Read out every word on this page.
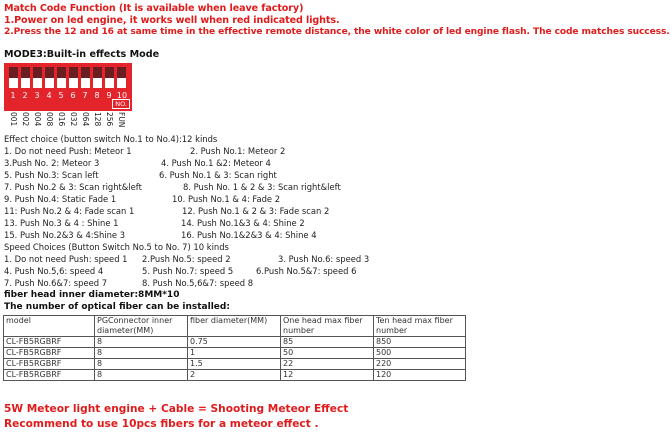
Match Code Function (It is available when leave factory)
1.Power on led engine, it works well when red indicated lights.
2.Press the 12 and 16 at same time in the effective remote distance, the white color of led engine flash. The code matches success.
MODE3:Built-in effects Mode
1 2 3 4 5 6 7 8 9 10
NO.
001 002 004 008 016 032 064 128 256 FUN
Effect choice (button switch No.1 to No.4):12 kinds
1. Do not need Push: Meteor 1	2. Push No.1: Meteor 2
3.Push No. 2: Meteor 3	4. Push No.1 &2: Meteor 4
5. Push No.3: Scan left	6. Push No.1 & 3: Scan right
7. Push No.2 & 3: Scan right&left	8. Push No. 1 & 2 & 3: Scan right&left
9. Push No.4: Static Fade 1	10. Push No.1 & 4: Fade 2
11: Push No.2 & 4: Fade scan 1	12. Push No.1 & 2 & 3: Fade scan 2
13. Push No.3 & 4 : Shine 1	14. Push No.1&3 & 4: Shine 2
15. Push No.2&3 & 4:Shine 3	16. Push No.1&2&3 & 4: Shine 4
Speed Choices (Button Switch No.5 to No. 7) 10 kinds
1. Do not need Push: speed 1 2.Push No.5: speed 2	3. Push No.6: speed 3
4. Push No.5,6: speed 4	5. Push No.7: speed 5	6.Push No.5&7: speed 6
7. Push No.6&7: speed 7	8. Push No.5,6&7: speed 8
fiber head inner diameter:8MM*10
The number of optical fiber can be installed:
model	PGConnector inner diameter(MM)	fiber diameter(MM)	One head max fiber number	Ten head max fiber number
CL-FB5RGBRF	8	0.75	85	850
CL-FB5RGBRF	8	1	50	500
CL-FB5RGBRF	8	1.5	22	220
CL-FB5RGBRF	8	2	12	120
5W Meteor light engine + Cable = Shooting Meteor Effect
Recommend to use 10pcs fibers for a meteor effect .
